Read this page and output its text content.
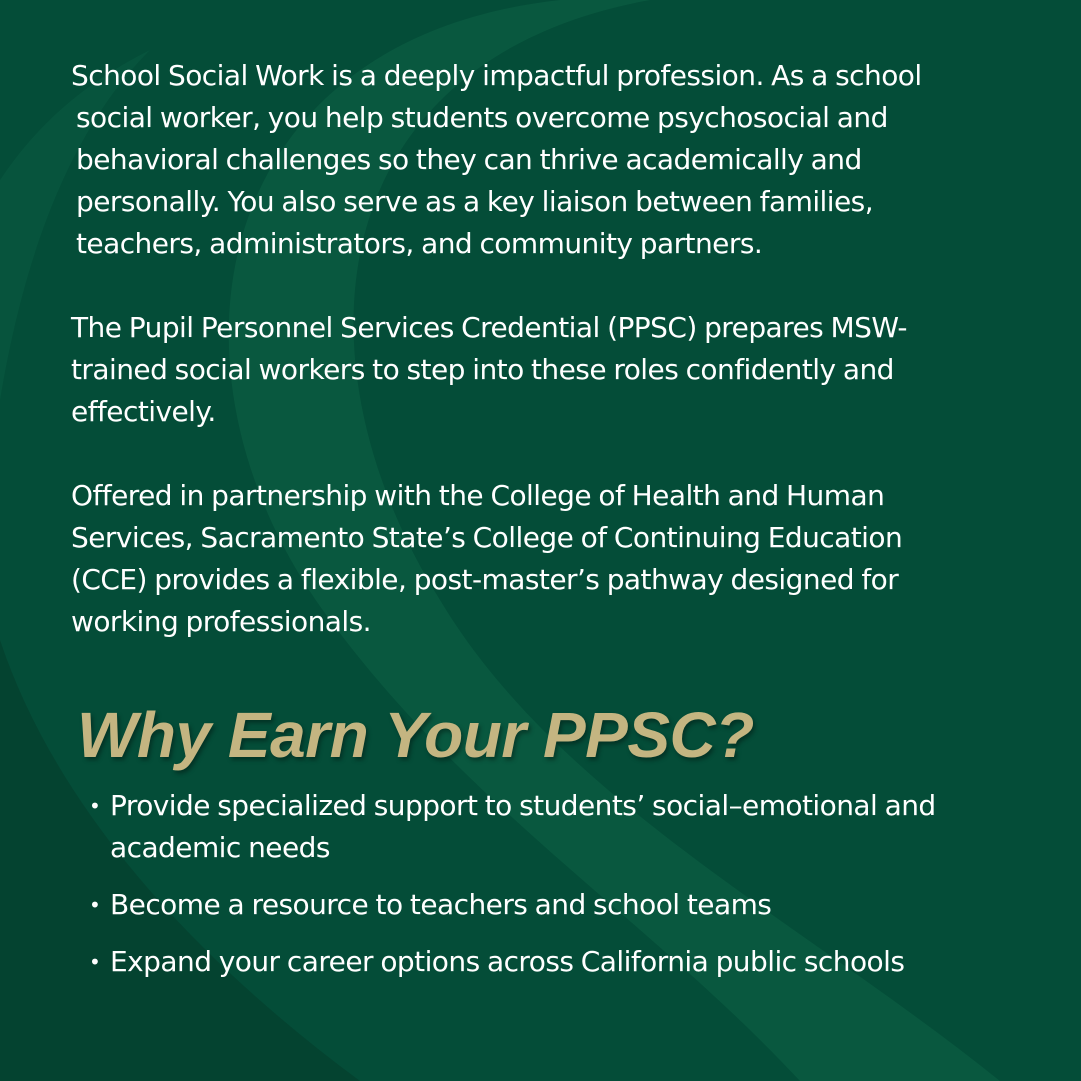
School Social Work is a deeply impactful profession. As a school social worker, you help students overcome psychosocial and behavioral challenges so they can thrive academically and personally. You also serve as a key liaison between families, teachers, administrators, and community partners.

The Pupil Personnel Services Credential (PPSC) prepares MSW-trained social workers to step into these roles confidently and effectively.

Offered in partnership with the College of Health and Human Services, Sacramento State’s College of Continuing Education (CCE) provides a flexible, post-master’s pathway designed for working professionals.

Why Earn Your PPSC?
• Provide specialized support to students’ social–emotional and academic needs
• Become a resource to teachers and school teams
• Expand your career options across California public schools
